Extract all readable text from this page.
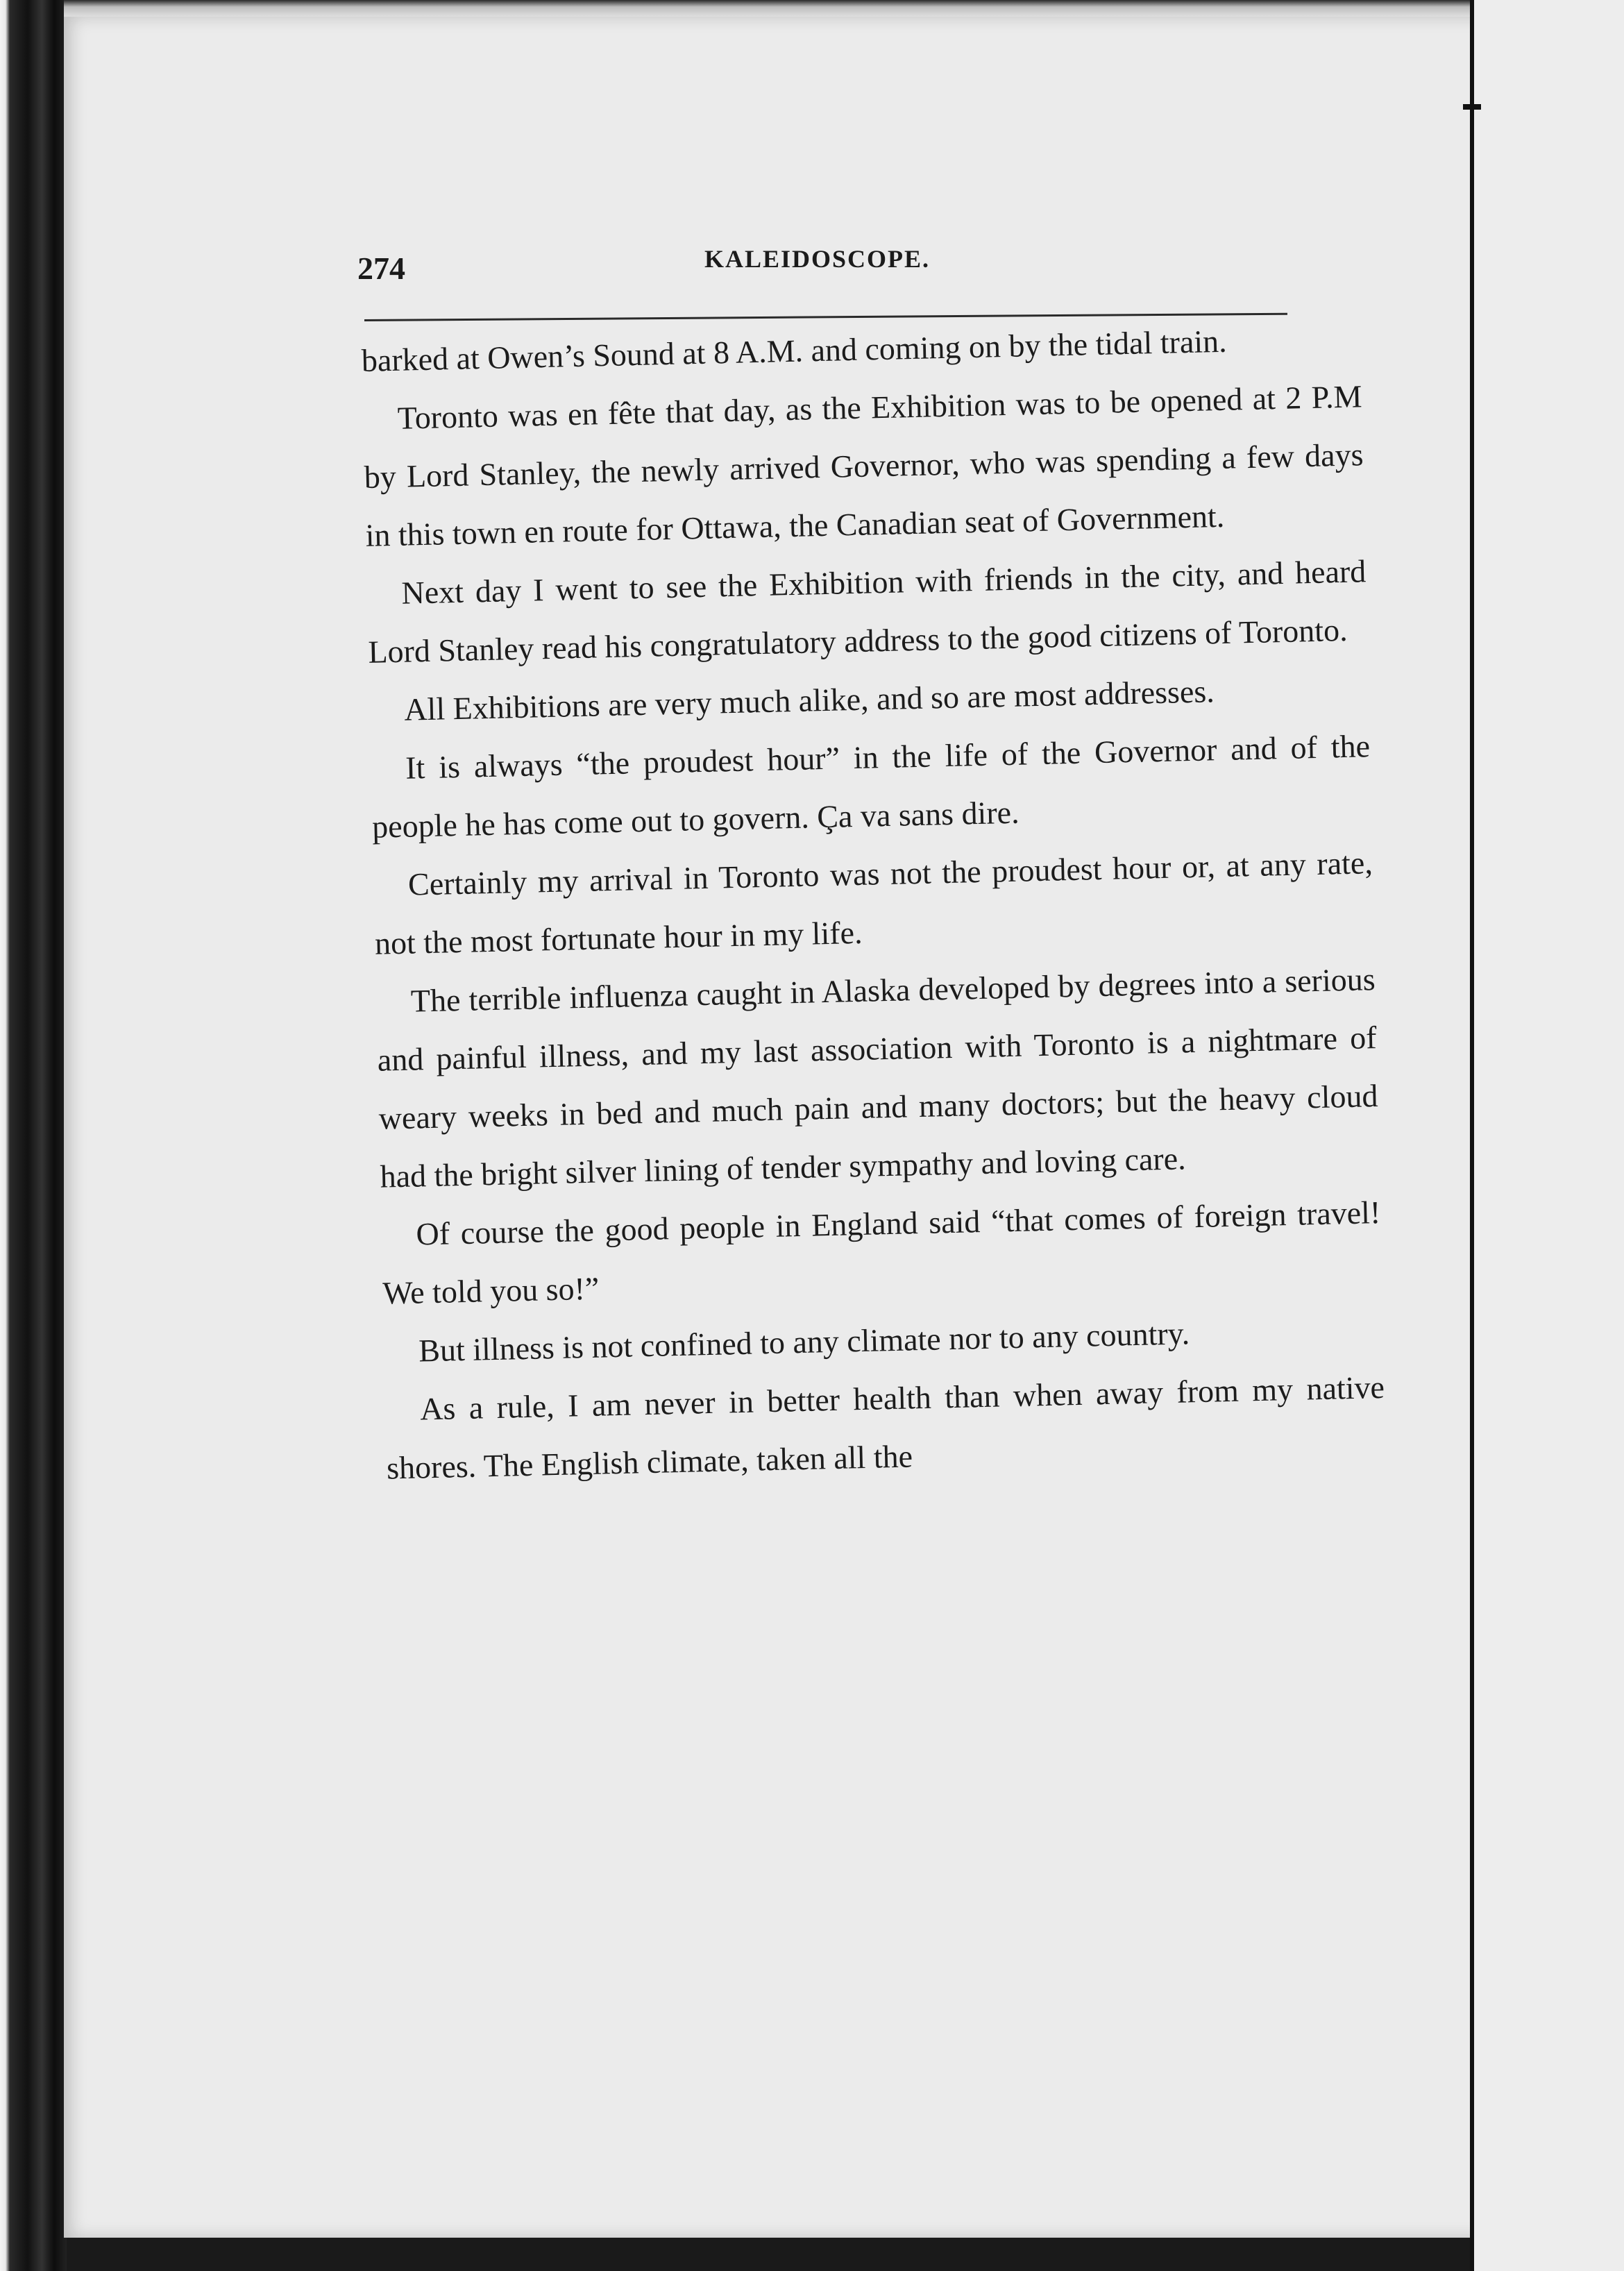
274	KALEIDOSCOPE.

barked at Owen’s Sound at 8 A.M. and coming on by the tidal train.

Toronto was en fête that day, as the Exhibition was to be opened at 2 P.M by Lord Stanley, the newly arrived Governor, who was spending a few days in this town en route for Ottawa, the Canadian seat of Government.

Next day I went to see the Exhibition with friends in the city, and heard Lord Stanley read his congratulatory address to the good citizens of Toronto.

All Exhibitions are very much alike, and so are most addresses.

It is always “the proudest hour” in the life of the Governor and of the people he has come out to govern. Ça va sans dire.

Certainly my arrival in Toronto was not the proudest hour or, at any rate, not the most fortunate hour in my life.

The terrible influenza caught in Alaska developed by degrees into a serious and painful illness, and my last association with Toronto is a nightmare of weary weeks in bed and much pain and many doctors; but the heavy cloud had the bright silver lining of tender sympathy and loving care.

Of course the good people in England said “that comes of foreign travel! We told you so!”

But illness is not confined to any climate nor to any country.

As a rule, I am never in better health than when away from my native shores. The English climate, taken all the
